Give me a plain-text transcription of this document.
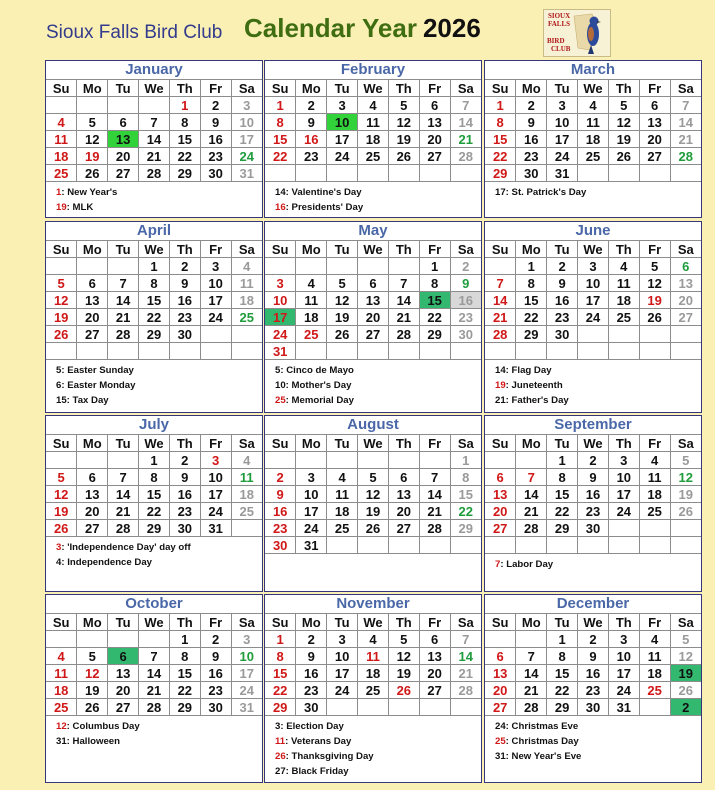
Sioux Falls Bird Club Calendar Year 2026	SIOUX
FALLS
BIRD
CLUB
January
Su	Mo	Tu	We	Th	Fr	Sa
				1	2	3
4	5	6	7	8	9	10
11	12	13	14	15	16	17
18	19	20	21	22	23	24
25	26	27	28	29	30	31
1: New Year's
19: MLK
February
Su	Mo	Tu	We	Th	Fr	Sa
1	2	3	4	5	6	7
8	9	10	11	12	13	14
15	16	17	18	19	20	21
22	23	24	25	26	27	28

14: Valentine's Day
16: Presidents' Day
March
Su	Mo	Tu	We	Th	Fr	Sa
1	2	3	4	5	6	7
8	9	10	11	12	13	14
15	16	17	18	19	20	21
22	23	24	25	26	27	28
29	30	31				
17: St. Patrick's Day
April
Su	Mo	Tu	We	Th	Fr	Sa
			1	2	3	4
5	6	7	8	9	10	11
12	13	14	15	16	17	18
19	20	21	22	23	24	25
26	27	28	29	30		

5: Easter Sunday
6: Easter Monday
15: Tax Day
May
Su	Mo	Tu	We	Th	Fr	Sa
					1	2
3	4	5	6	7	8	9
10	11	12	13	14	15	16
17	18	19	20	21	22	23
24	25	26	27	28	29	30
31						
5: Cinco de Mayo
10: Mother's Day
25: Memorial Day
June
Su	Mo	Tu	We	Th	Fr	Sa
	1	2	3	4	5	6
7	8	9	10	11	12	13
14	15	16	17	18	19	20
21	22	23	24	25	26	27
28	29	30				

14: Flag Day
19: Juneteenth
21: Father's Day
July
Su	Mo	Tu	We	Th	Fr	Sa
			1	2	3	4
5	6	7	8	9	10	11
12	13	14	15	16	17	18
19	20	21	22	23	24	25
26	27	28	29	30	31	
3: 'Independence Day' day off
4: Independence Day
August
Su	Mo	Tu	We	Th	Fr	Sa
						1
2	3	4	5	6	7	8
9	10	11	12	13	14	15
16	17	18	19	20	21	22
23	24	25	26	27	28	29
30	31					
September
Su	Mo	Tu	We	Th	Fr	Sa
		1	2	3	4	5
6	7	8	9	10	11	12
13	14	15	16	17	18	19
20	21	22	23	24	25	26
27	28	29	30			

7: Labor Day
October
Su	Mo	Tu	We	Th	Fr	Sa
				1	2	3
4	5	6	7	8	9	10
11	12	13	14	15	16	17
18	19	20	21	22	23	24
25	26	27	28	29	30	31
12: Columbus Day
31: Halloween
November
Su	Mo	Tu	We	Th	Fr	Sa
1	2	3	4	5	6	7
8	9	10	11	12	13	14
15	16	17	18	19	20	21
22	23	24	25	26	27	28
29	30					
3: Election Day
11: Veterans Day
26: Thanksgiving Day
27: Black Friday
December
Su	Mo	Tu	We	Th	Fr	Sa
		1	2	3	4	5
6	7	8	9	10	11	12
13	14	15	16	17	18	19
20	21	22	23	24	25	26
27	28	29	30	31		2
24: Christmas Eve
25: Christmas Day
31: New Year's Eve
